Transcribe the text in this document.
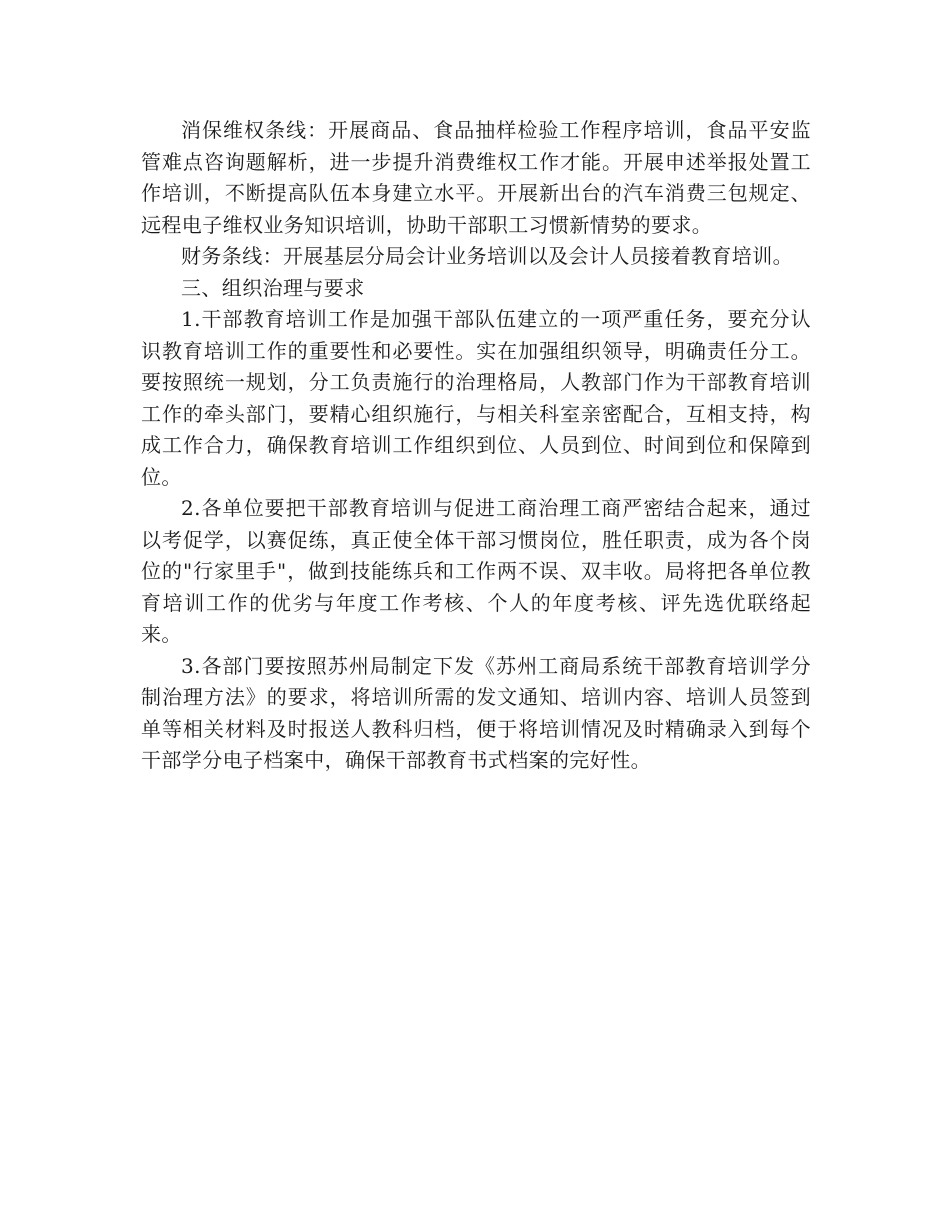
消保维权条线：开展商品、食品抽样检验工作程序培训，食品平安监管难点咨询题解析，进一步提升消费维权工作才能。开展申述举报处置工作培训，不断提高队伍本身建立水平。开展新出台的汽车消费三包规定、远程电子维权业务知识培训，协助干部职工习惯新情势的要求。

财务条线：开展基层分局会计业务培训以及会计人员接着教育培训。

三、组织治理与要求

1.干部教育培训工作是加强干部队伍建立的一项严重任务，要充分认识教育培训工作的重要性和必要性。实在加强组织领导，明确责任分工。要按照统一规划，分工负责施行的治理格局，人教部门作为干部教育培训工作的牵头部门，要精心组织施行，与相关科室亲密配合，互相支持，构成工作合力，确保教育培训工作组织到位、人员到位、时间到位和保障到位。

2.各单位要把干部教育培训与促进工商治理工商严密结合起来，通过以考促学，以赛促练，真正使全体干部习惯岗位，胜任职责，成为各个岗位的"行家里手"，做到技能练兵和工作两不误、双丰收。局将把各单位教育培训工作的优劣与年度工作考核、个人的年度考核、评先选优联络起来。

3.各部门要按照苏州局制定下发《苏州工商局系统干部教育培训学分制治理方法》的要求，将培训所需的发文通知、培训内容、培训人员签到单等相关材料及时报送人教科归档，便于将培训情况及时精确录入到每个干部学分电子档案中，确保干部教育书式档案的完好性。
